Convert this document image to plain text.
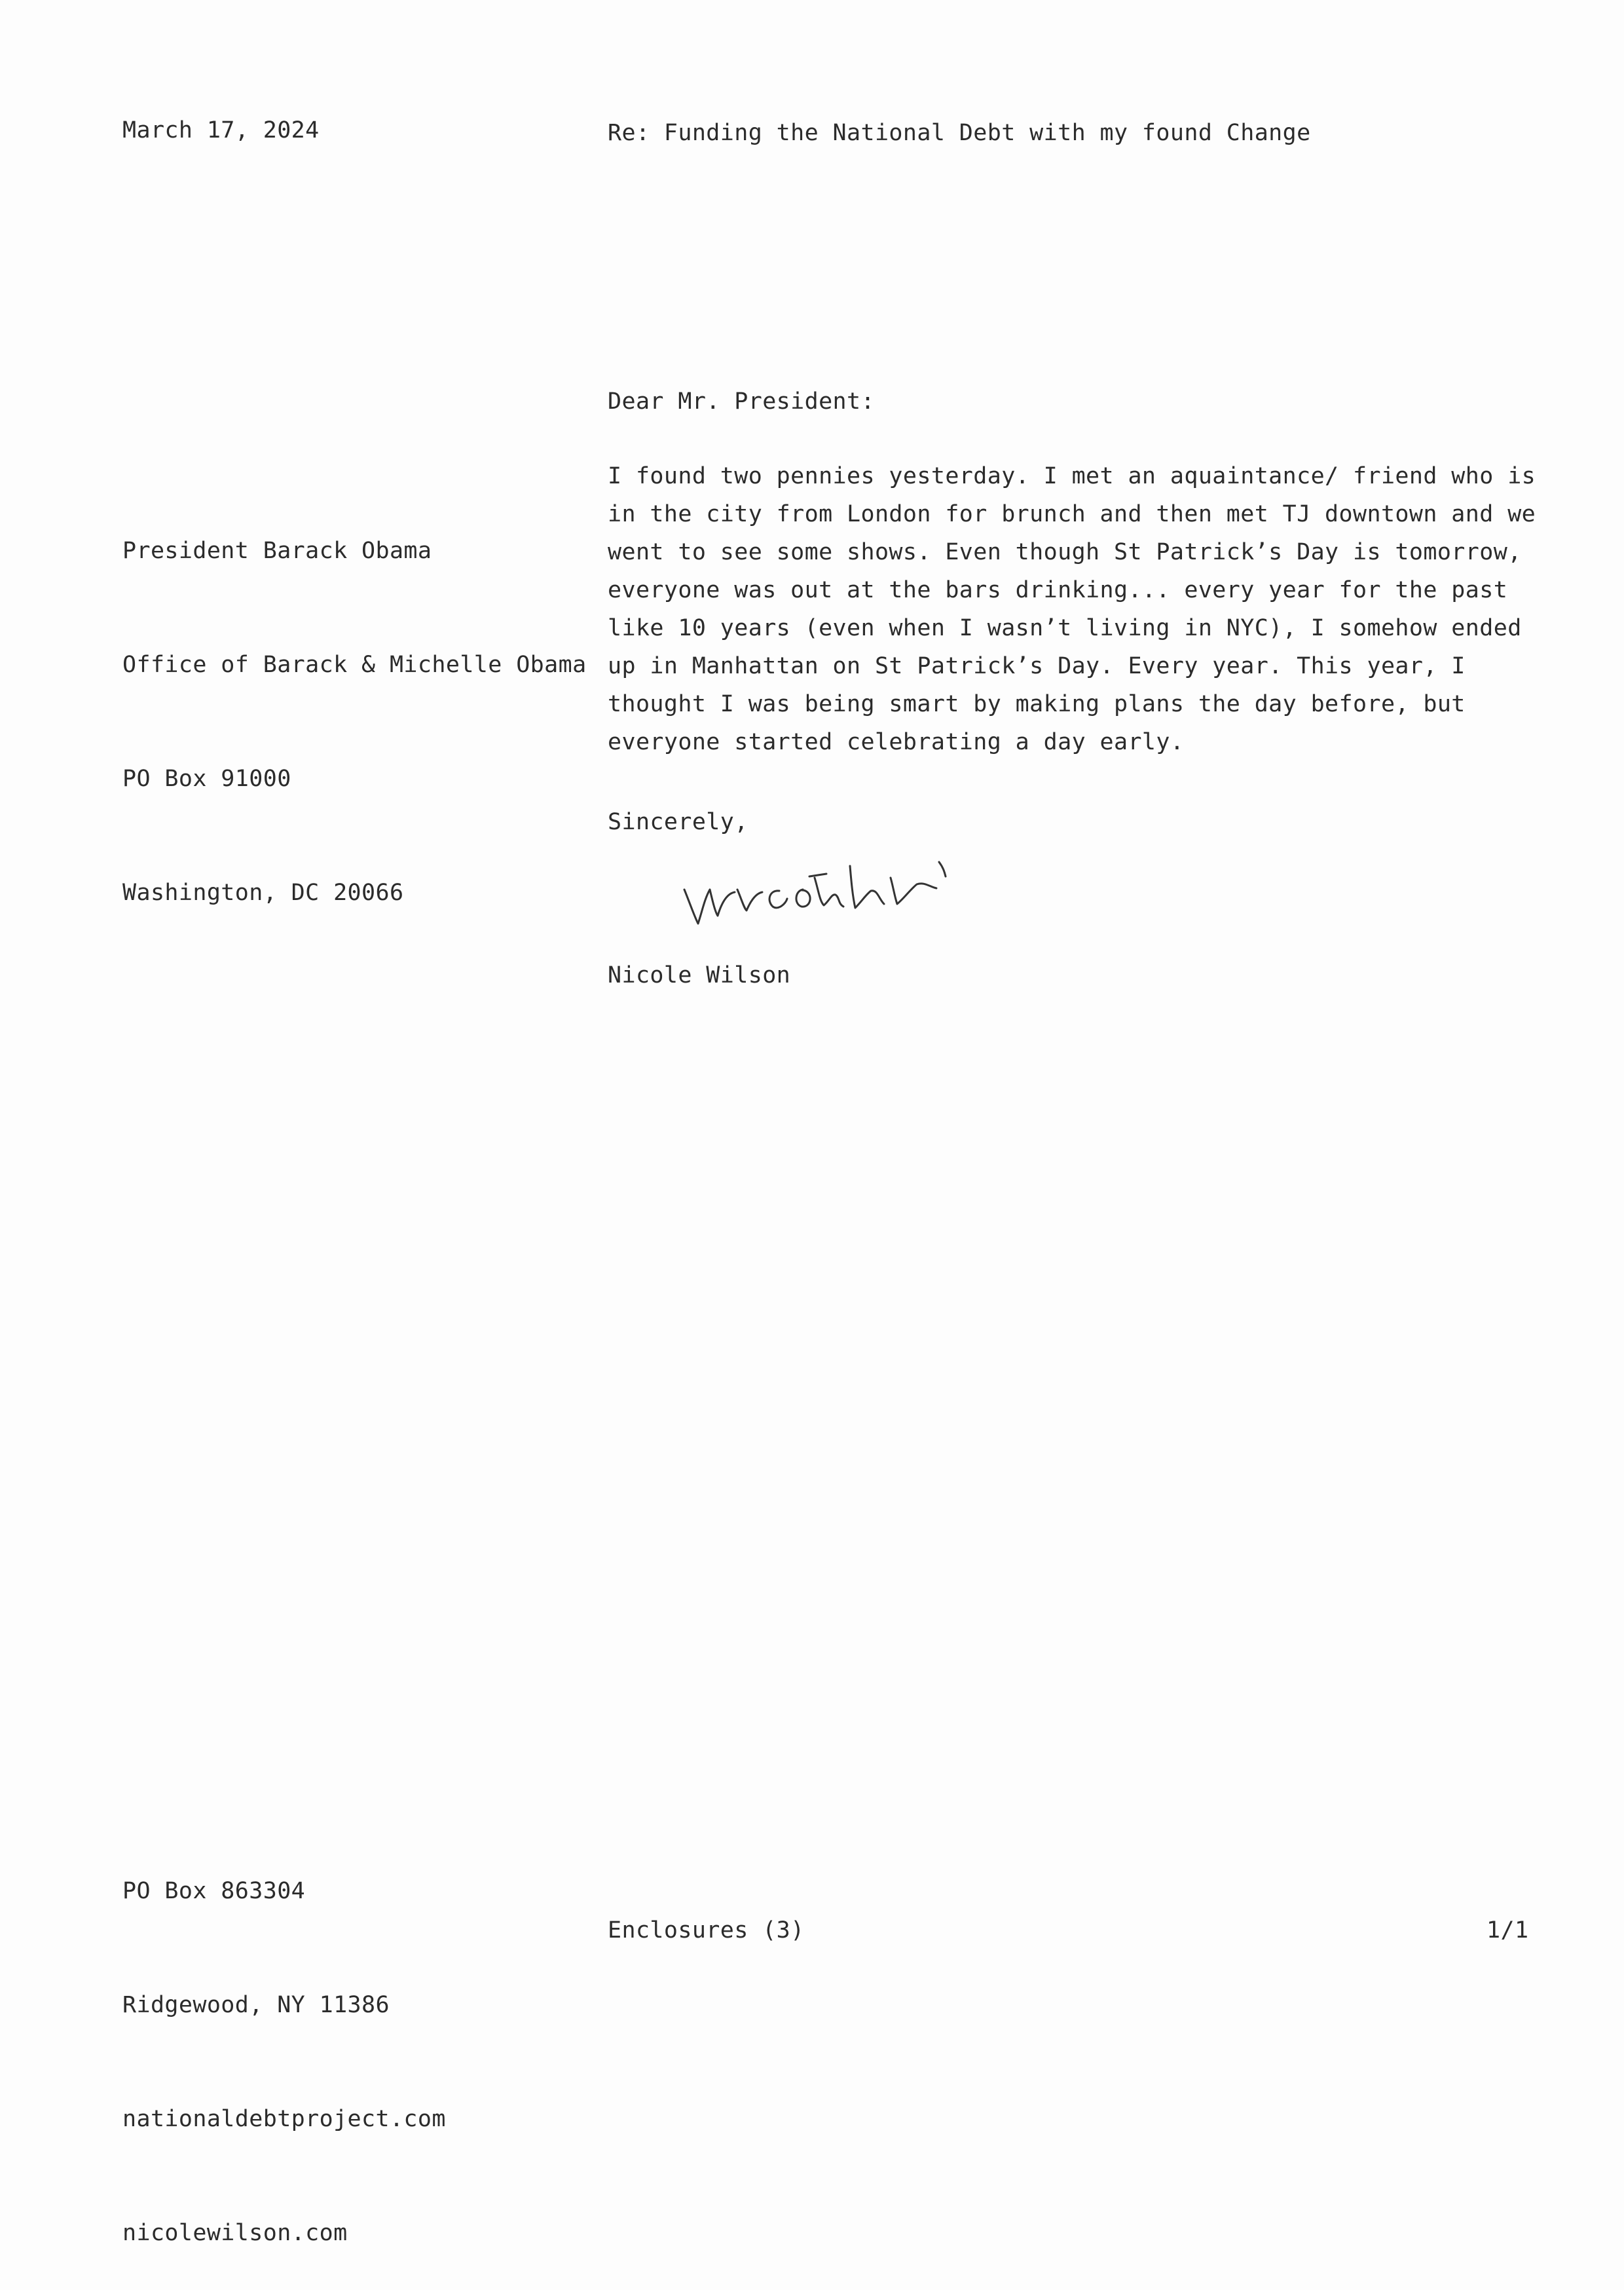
March 17, 2024	Re: Funding the National Debt with my found Change
Dear Mr. President:

President Barack Obama

Office of Barack & Michelle Obama

PO Box 91000

Washington, DC 20066

I found two pennies yesterday. I met an aquaintance/ friend who is
in the city from London for brunch and then met TJ downtown and we
went to see some shows. Even though St Patrick’s Day is tomorrow,
everyone was out at the bars drinking... every year for the past
like 10 years (even when I wasn’t living in NYC), I somehow ended
up in Manhattan on St Patrick’s Day. Every year. This year, I
thought I was being smart by making plans the day before, but
everyone started celebrating a day early.
Sincerely,
Nicole Wilson

PO Box 863304

Ridgewood, NY 11386

nationaldebtproject.com

nicolewilson.com

Enclosures (3)	1/1
